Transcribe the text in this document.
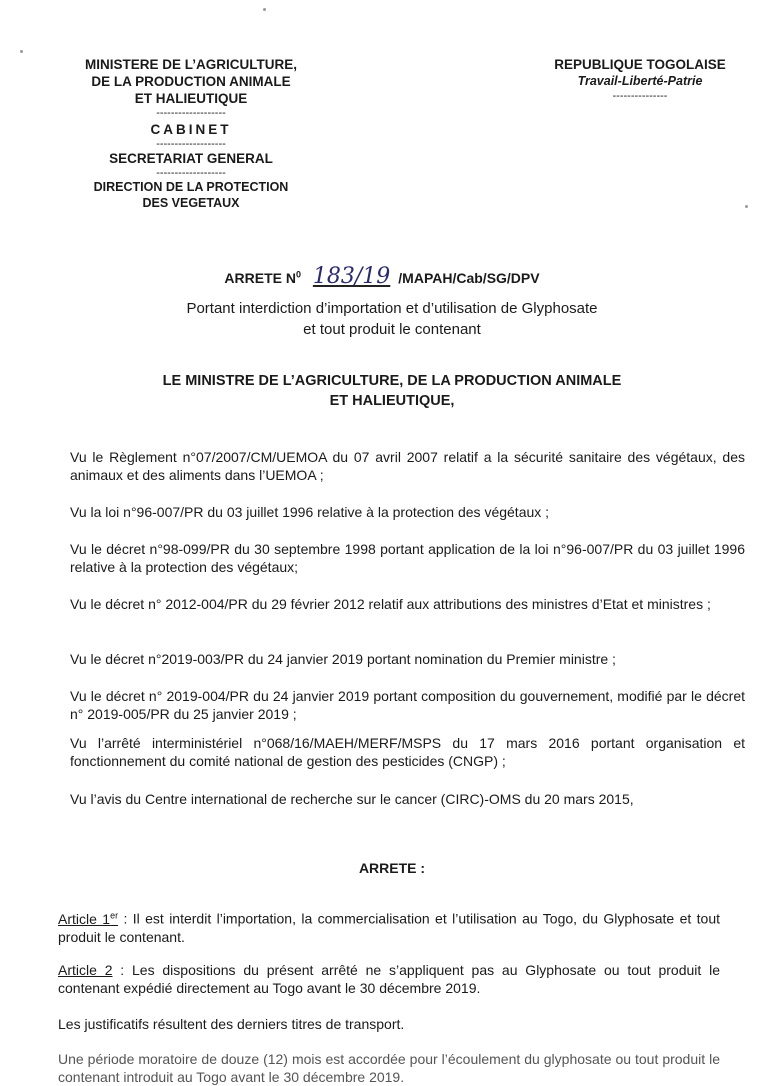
MINISTERE DE L’AGRICULTURE,
DE LA PRODUCTION ANIMALE
ET HALIEUTIQUE
-------------------
CABINET
-------------------
SECRETARIAT GENERAL
-------------------
DIRECTION DE LA PROTECTION
DES VEGETAUX
REPUBLIQUE TOGOLAISE
Travail-Liberté-Patrie
---------------
ARRETE $N^0$ 183/19 /MAPAH/Cab/SG/DPV
Portant interdiction d’importation et d’utilisation de Glyphosate
et tout produit le contenant
LE MINISTRE DE L’AGRICULTURE, DE LA PRODUCTION ANIMALE
ET HALIEUTIQUE,
Vu le Règlement n°07/2007/CM/UEMOA du 07 avril 2007 relatif a la sécurité sanitaire des végétaux, des animaux et des aliments dans l’UEMOA ;
Vu la loi n°96-007/PR du 03 juillet 1996 relative à la protection des végétaux ;
Vu le décret n°98-099/PR du 30 septembre 1998 portant application de la loi n°96-007/PR du 03 juillet 1996 relative à la protection des végétaux;
Vu le décret n° 2012-004/PR du 29 février 2012 relatif aux attributions des ministres d’Etat et ministres ;
Vu le décret n°2019-003/PR du 24 janvier 2019 portant nomination du Premier ministre ;
Vu le décret n° 2019-004/PR du 24 janvier 2019 portant composition du gouvernement, modifié par le décret n° 2019-005/PR du 25 janvier 2019 ;
Vu l’arrêté interministériel n°068/16/MAEH/MERF/MSPS du 17 mars 2016 portant organisation et fonctionnement du comité national de gestion des pesticides (CNGP) ;
Vu l’avis du Centre international de recherche sur le cancer (CIRC)-OMS du 20 mars 2015,
ARRETE :
Article 1er : Il est interdit l’importation, la commercialisation et l’utilisation au Togo, du Glyphosate et tout produit le contenant.
Article 2 : Les dispositions du présent arrêté ne s’appliquent pas au Glyphosate ou tout produit le contenant expédié directement au Togo avant le 30 décembre 2019.
Les justificatifs résultent des derniers titres de transport.
Une période moratoire de douze (12) mois est accordée pour l’écoulement du glyphosate ou tout produit le contenant introduit au Togo avant le 30 décembre 2019.
